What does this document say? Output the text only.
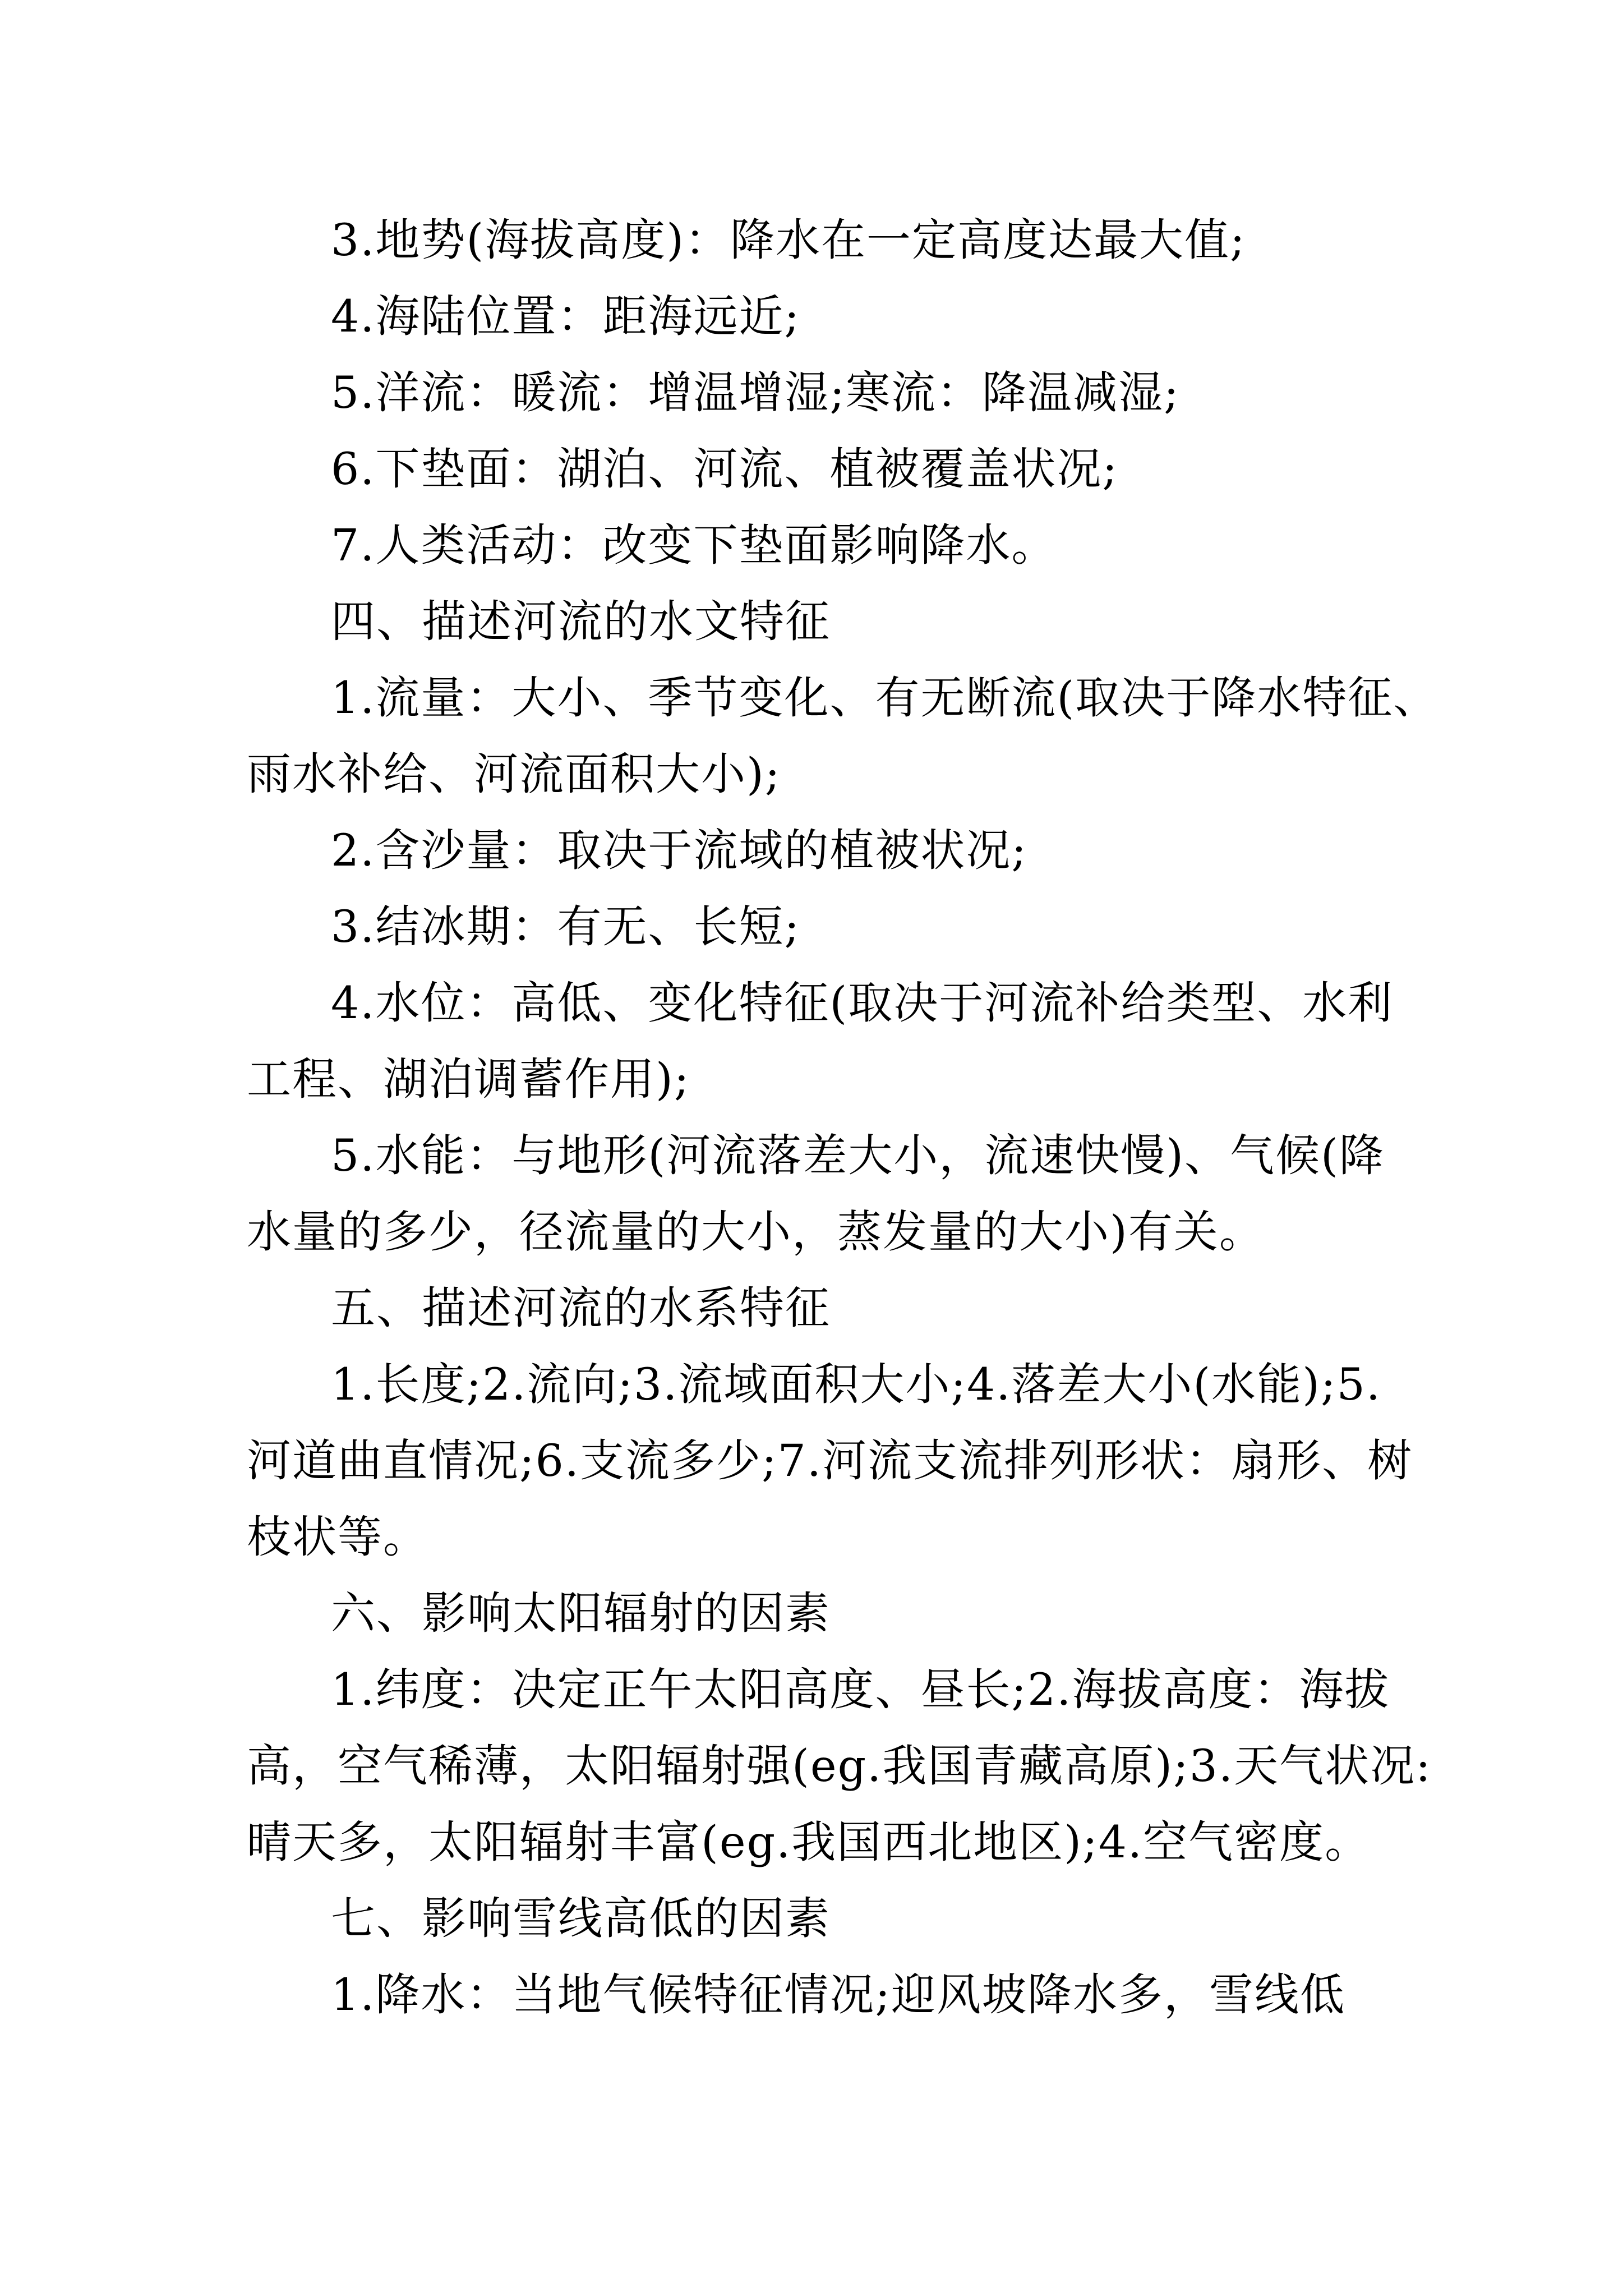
3.地势(海拔高度)：降水在一定高度达最大值;

4.海陆位置：距海远近;

5.洋流：暖流：增温增湿;寒流：降温减湿;

6.下垫面：湖泊、河流、植被覆盖状况;

7.人类活动：改变下垫面影响降水。

四、描述河流的水文特征

1.流量：大小、季节变化、有无断流(取决于降水特征、

雨水补给、河流面积大小);

2.含沙量：取决于流域的植被状况;

3.结冰期：有无、长短;

4.水位：高低、变化特征(取决于河流补给类型、水利

工程、湖泊调蓄作用);

5.水能：与地形(河流落差大小，流速快慢)、气候(降

水量的多少，径流量的大小，蒸发量的大小)有关。

五、描述河流的水系特征

1.长度;2.流向;3.流域面积大小;4.落差大小(水能);5.

河道曲直情况;6.支流多少;7.河流支流排列形状：扇形、树

枝状等。

六、影响太阳辐射的因素

1.纬度：决定正午太阳高度、昼长;2.海拔高度：海拔

高，空气稀薄，太阳辐射强(eg.我国青藏高原);3.天气状况:

晴天多，太阳辐射丰富(eg.我国西北地区);4.空气密度。

七、影响雪线高低的因素

1.降水：当地气候特征情况;迎风坡降水多，雪线低
